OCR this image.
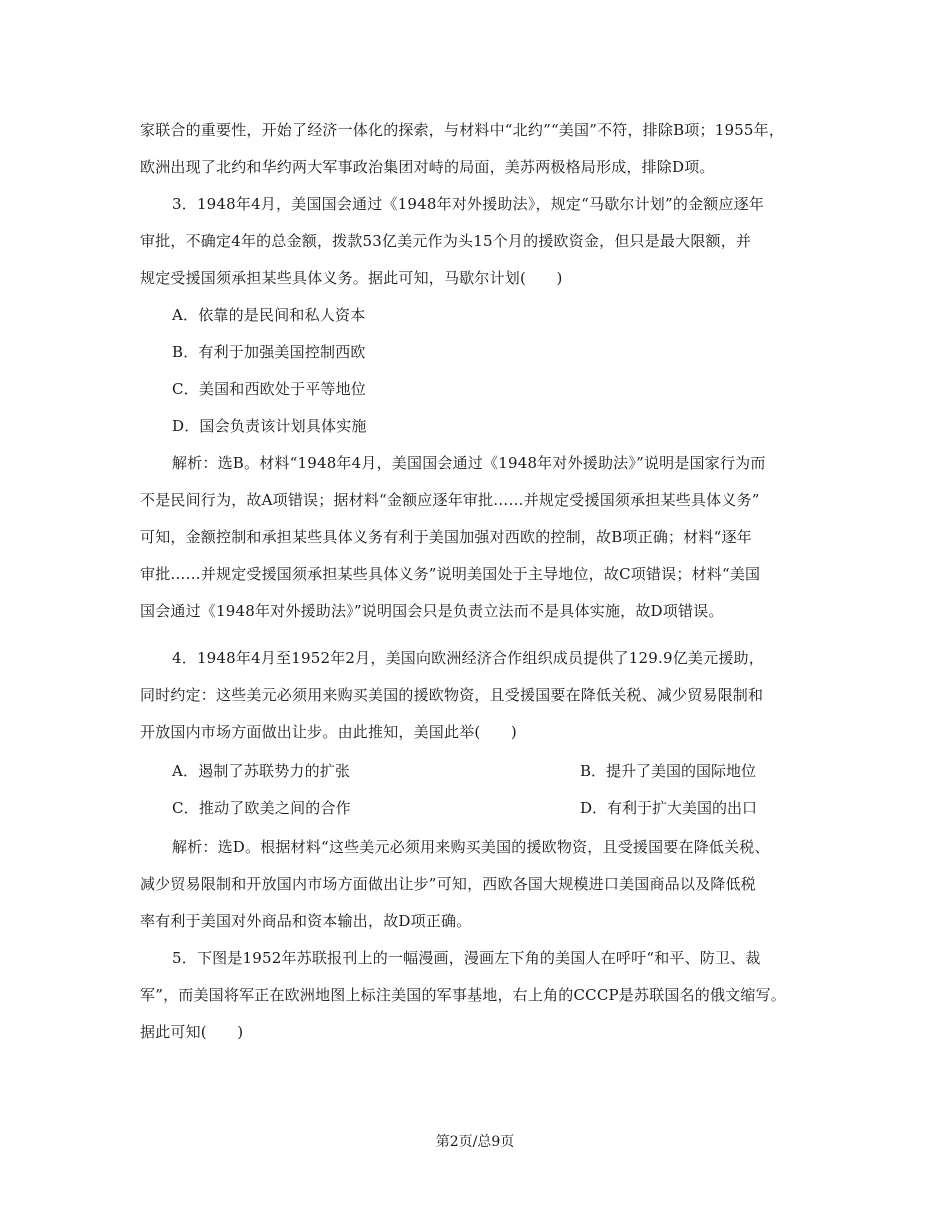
家联合的重要性，开始了经济一体化的探索，与材料中“北约”“美国”不符，排除B项；1955年，
欧洲出现了北约和华约两大军事政治集团对峙的局面，美苏两极格局形成，排除D项。
3．1948年4月，美国国会通过《1948年对外援助法》，规定“马歇尔计划”的金额应逐年
审批，不确定4年的总金额，拨款53亿美元作为头15个月的援欧资金，但只是最大限额，并
规定受援国须承担某些具体义务。据此可知，马歇尔计划(　　)
A．依靠的是民间和私人资本
B．有利于加强美国控制西欧
C．美国和西欧处于平等地位
D．国会负责该计划具体实施
解析：选B。材料“1948年4月，美国国会通过《1948年对外援助法》”说明是国家行为而
不是民间行为，故A项错误；据材料“金额应逐年审批……并规定受援国须承担某些具体义务”
可知，金额控制和承担某些具体义务有利于美国加强对西欧的控制，故B项正确；材料“逐年
审批……并规定受援国须承担某些具体义务”说明美国处于主导地位，故C项错误；材料“美国
国会通过《1948年对外援助法》”说明国会只是负责立法而不是具体实施，故D项错误。
4．1948年4月至1952年2月，美国向欧洲经济合作组织成员提供了129.9亿美元援助，
同时约定：这些美元必须用来购买美国的援欧物资，且受援国要在降低关税、减少贸易限制和
开放国内市场方面做出让步。由此推知，美国此举(　　)
A．遏制了苏联势力的扩张	B．提升了美国的国际地位
C．推动了欧美之间的合作	D．有利于扩大美国的出口
解析：选D。根据材料“这些美元必须用来购买美国的援欧物资，且受援国要在降低关税、
减少贸易限制和开放国内市场方面做出让步”可知，西欧各国大规模进口美国商品以及降低税
率有利于美国对外商品和资本输出，故D项正确。
5．下图是1952年苏联报刊上的一幅漫画，漫画左下角的美国人在呼吁“和平、防卫、裁
军”，而美国将军正在欧洲地图上标注美国的军事基地，右上角的CCCP是苏联国名的俄文缩写。
据此可知(　　)
第2页/总9页
